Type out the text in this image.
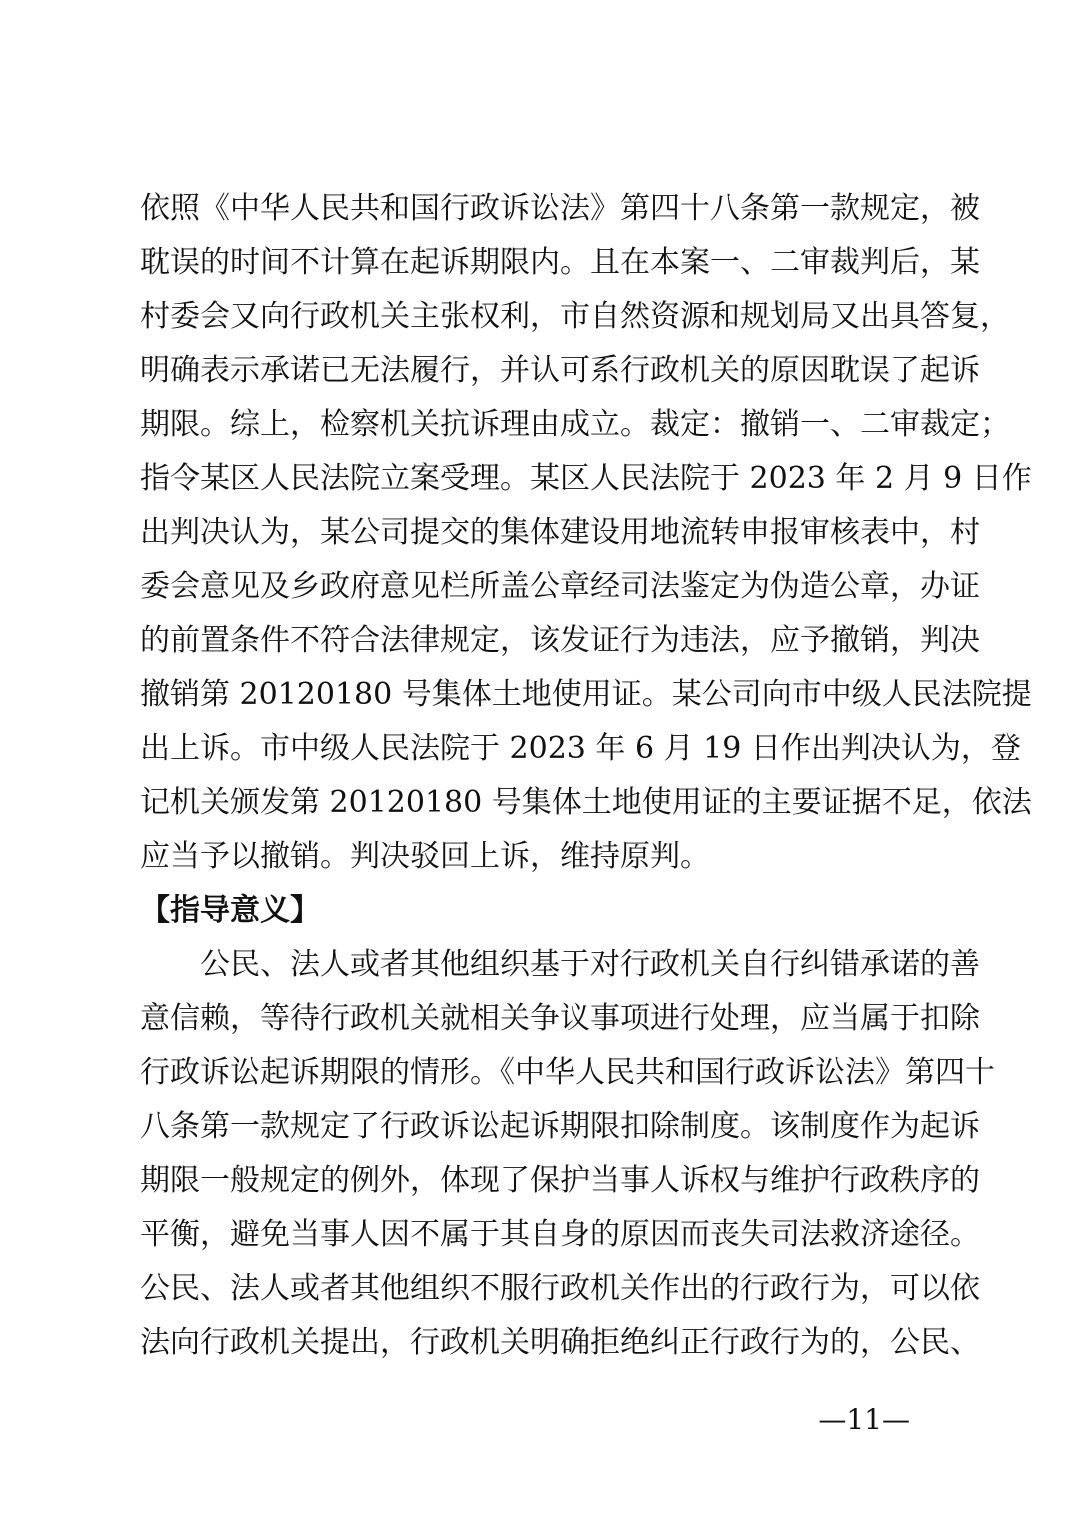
依照《中华人民共和国行政诉讼法》第四十八条第一款规定，被
耽误的时间不计算在起诉期限内。且在本案一、二审裁判后，某
村委会又向行政机关主张权利，市自然资源和规划局又出具答复，
明确表示承诺已无法履行，并认可系行政机关的原因耽误了起诉
期限。综上，检察机关抗诉理由成立。裁定：撤销一、二审裁定；
指令某区人民法院立案受理。某区人民法院于 2023 年 2 月 9 日作
出判决认为，某公司提交的集体建设用地流转申报审核表中，村
委会意见及乡政府意见栏所盖公章经司法鉴定为伪造公章，办证
的前置条件不符合法律规定，该发证行为违法，应予撤销，判决
撤销第 20120180 号集体土地使用证。某公司向市中级人民法院提
出上诉。市中级人民法院于 2023 年 6 月 19 日作出判决认为，登
记机关颁发第 20120180 号集体土地使用证的主要证据不足，依法
应当予以撤销。判决驳回上诉，维持原判。
【指导意义】
公民、法人或者其他组织基于对行政机关自行纠错承诺的善
意信赖，等待行政机关就相关争议事项进行处理，应当属于扣除
行政诉讼起诉期限的情形。《中华人民共和国行政诉讼法》第四十
八条第一款规定了行政诉讼起诉期限扣除制度。该制度作为起诉
期限一般规定的例外，体现了保护当事人诉权与维护行政秩序的
平衡，避免当事人因不属于其自身的原因而丧失司法救济途径。
公民、法人或者其他组织不服行政机关作出的行政行为，可以依
法向行政机关提出，行政机关明确拒绝纠正行政行为的，公民、
—11—
